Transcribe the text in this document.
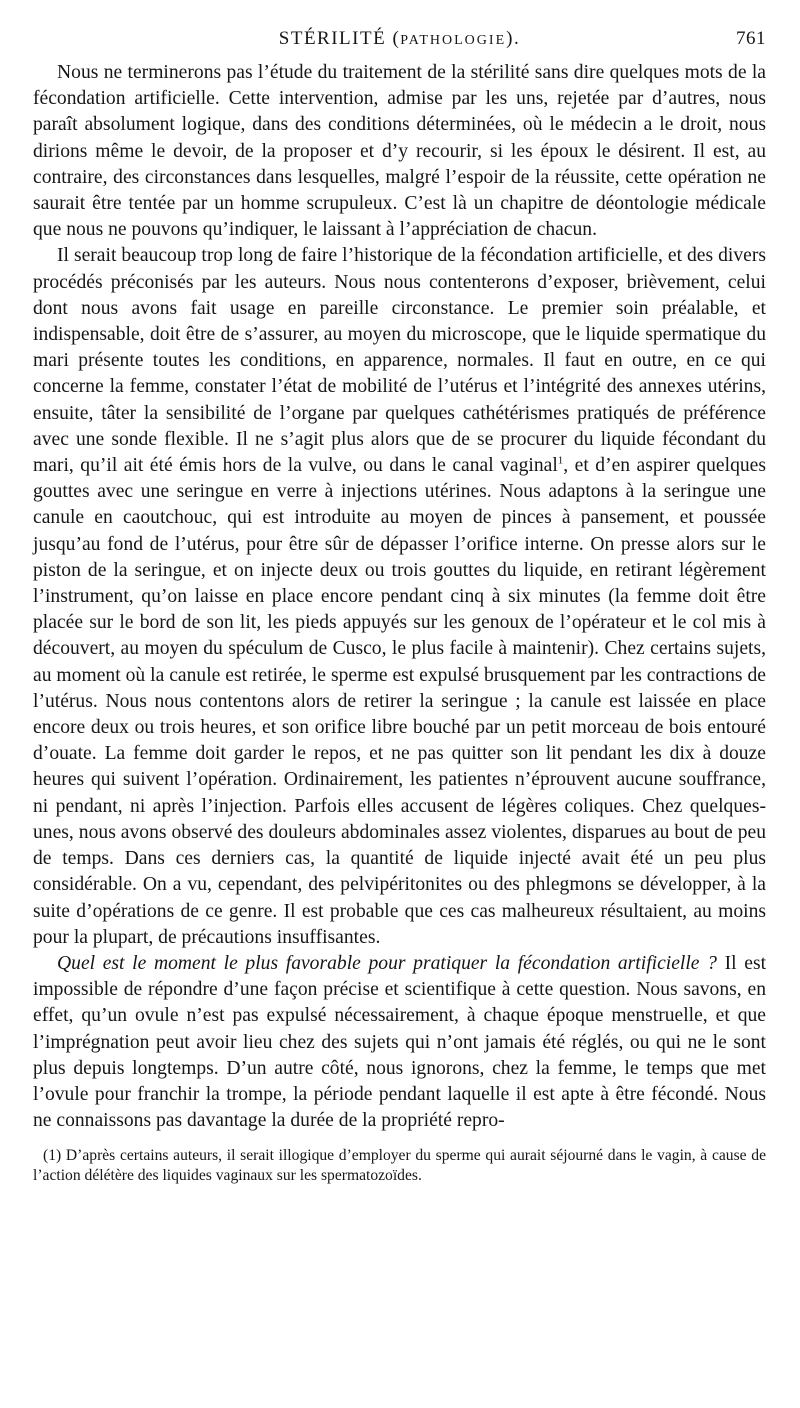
STÉRILITÉ (PATHOLOGIE).	761

Nous ne terminerons pas l’étude du traitement de la stérilité sans dire quelques mots de la fécondation artificielle. Cette intervention, admise par les uns, rejetée par d’autres, nous paraît absolument logique, dans des conditions déterminées, où le médecin a le droit, nous dirions même le devoir, de la proposer et d’y recourir, si les époux le désirent. Il est, au contraire, des circonstances dans lesquelles, malgré l’espoir de la réussite, cette opération ne saurait être tentée par un homme scrupuleux. C’est là un chapitre de déontologie médicale que nous ne pouvons qu’indiquer, le laissant à l’appréciation de chacun.

Il serait beaucoup trop long de faire l’historique de la fécondation artificielle, et des divers procédés préconisés par les auteurs. Nous nous contenterons d’exposer, brièvement, celui dont nous avons fait usage en pareille circonstance. Le premier soin préalable, et indispensable, doit être de s’assurer, au moyen du microscope, que le liquide spermatique du mari présente toutes les conditions, en apparence, normales. Il faut en outre, en ce qui concerne la femme, constater l’état de mobilité de l’utérus et l’intégrité des annexes utérins, ensuite, tâter la sensibilité de l’organe par quelques cathétérismes pratiqués de préférence avec une sonde flexible. Il ne s’agit plus alors que de se procurer du liquide fécondant du mari, qu’il ait été émis hors de la vulve, ou dans le canal vaginal$^1$, et d’en aspirer quelques gouttes avec une seringue en verre à injections utérines. Nous adaptons à la seringue une canule en caoutchouc, qui est introduite au moyen de pinces à pansement, et poussée jusqu’au fond de l’utérus, pour être sûr de dépasser l’orifice interne. On presse alors sur le piston de la seringue, et on injecte deux ou trois gouttes du liquide, en retirant légèrement l’instrument, qu’on laisse en place encore pendant cinq à six minutes (la femme doit être placée sur le bord de son lit, les pieds appuyés sur les genoux de l’opérateur et le col mis à découvert, au moyen du spéculum de Cusco, le plus facile à maintenir). Chez certains sujets, au moment où la canule est retirée, le sperme est expulsé brusquement par les contractions de l’utérus. Nous nous contentons alors de retirer la seringue ; la canule est laissée en place encore deux ou trois heures, et son orifice libre bouché par un petit morceau de bois entouré d’ouate. La femme doit garder le repos, et ne pas quitter son lit pendant les dix à douze heures qui suivent l’opération. Ordinairement, les patientes n’éprouvent aucune souffrance, ni pendant, ni après l’injection. Parfois elles accusent de légères coliques. Chez quelques-unes, nous avons observé des douleurs abdominales assez violentes, disparues au bout de peu de temps. Dans ces derniers cas, la quantité de liquide injecté avait été un peu plus considérable. On a vu, cependant, des pelvipéritonites ou des phlegmons se développer, à la suite d’opérations de ce genre. Il est probable que ces cas malheureux résultaient, au moins pour la plupart, de précautions insuffisantes.

Quel est le moment le plus favorable pour pratiquer la fécondation artificielle ? Il est impossible de répondre d’une façon précise et scientifique à cette question. Nous savons, en effet, qu’un ovule n’est pas expulsé nécessairement, à chaque époque menstruelle, et que l’imprégnation peut avoir lieu chez des sujets qui n’ont jamais été réglés, ou qui ne le sont plus depuis longtemps. D’un autre côté, nous ignorons, chez la femme, le temps que met l’ovule pour franchir la trompe, la période pendant laquelle il est apte à être fécondé. Nous ne connaissons pas davantage la durée de la propriété repro-

(1) D’après certains auteurs, il serait illogique d’employer du sperme qui aurait séjourné dans le vagin, à cause de l’action délétère des liquides vaginaux sur les spermatozoïdes.
